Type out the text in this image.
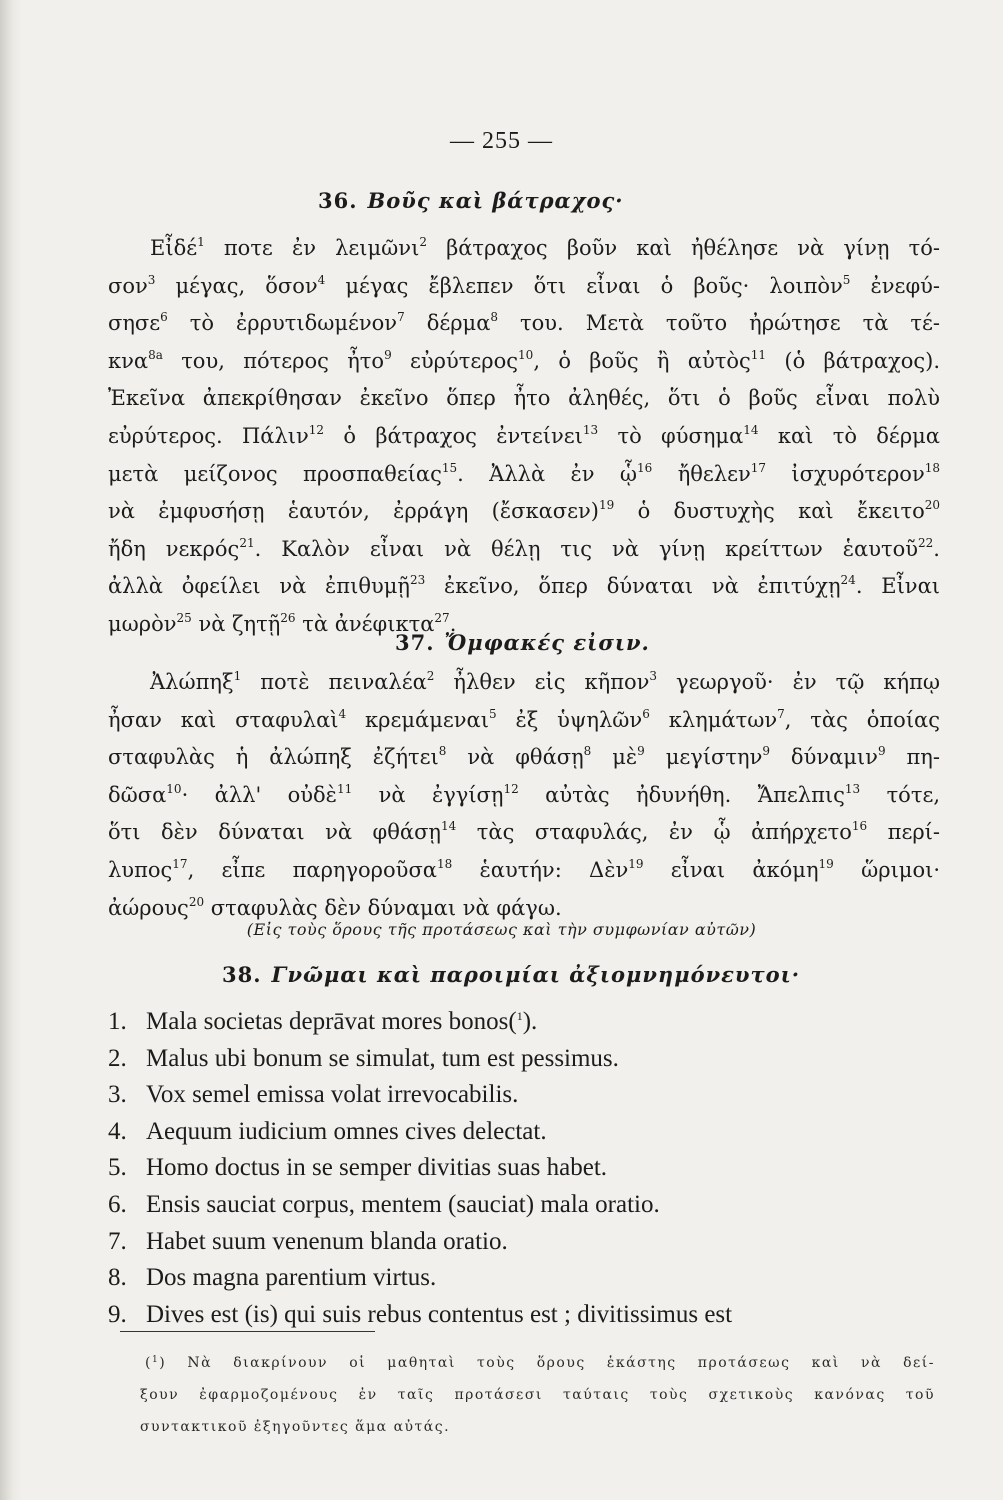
— 255 —
36. Βοῦς καὶ βάτραχος·
Εἶδέ$^1$ ποτε ἐν λειμῶνι$^2$ βάτραχος βοῦν καὶ ἠθέλησε νὰ γίνῃ τό-
σον$^3$ μέγας, ὅσον$^4$ μέγας ἔβλεπεν ὅτι εἶναι ὁ βοῦς· λοιπὸν$^5$ ἐνεφύ-
σησε$^6$ τὸ ἐρρυτιδωμένον$^7$ δέρμα$^8$ του. Μετὰ τοῦτο ἠρώτησε τὰ τέ-
κνα$^{8a}$ του, πότερος ἦτο$^9$ εὐρύτερος$^{10}$, ὁ βοῦς ἢ αὐτὸς$^{11}$ (ὁ βάτραχος).
Ἐκεῖνα ἀπεκρίθησαν ἐκεῖνο ὅπερ ἦτο ἀληθές, ὅτι ὁ βοῦς εἶναι πολὺ
εὐρύτερος. Πάλιν$^{12}$ ὁ βάτραχος ἐντείνει$^{13}$ τὸ φύσημα$^{14}$ καὶ τὸ δέρμα
μετὰ μείζονος προσπαθείας$^{15}$. Ἀλλὰ ἐν ᾧ$^{16}$ ἤθελεν$^{17}$ ἰσχυρότερον$^{18}$
νὰ ἐμφυσήσῃ ἑαυτόν, ἐρράγη (ἔσκασεν)$^{19}$ ὁ δυστυχὴς καὶ ἔκειτο$^{20}$
ἤδη νεκρός$^{21}$. Καλὸν εἶναι νὰ θέλῃ τις νὰ γίνῃ κρείττων ἑαυτοῦ$^{22}$.
ἀλλὰ ὀφείλει νὰ ἐπιθυμῇ$^{23}$ ἐκεῖνο, ὅπερ δύναται νὰ ἐπιτύχῃ$^{24}$. Εἶναι
μωρὸν$^{25}$ νὰ ζητῇ$^{26}$ τὰ ἀνέφικτα$^{27}$.
37. Ὄμφακές εἰσιν.
Ἀλώπηξ$^1$ ποτὲ πειναλέα$^2$ ἦλθεν εἰς κῆπον$^3$ γεωργοῦ· ἐν τῷ κήπῳ
ἦσαν καὶ σταφυλαὶ$^4$ κρεμάμεναι$^5$ ἐξ ὑψηλῶν$^6$ κλημάτων$^7$, τὰς ὁποίας
σταφυλὰς ἡ ἀλώπηξ ἐζήτει$^8$ νὰ φθάσῃ$^8$ μὲ$^9$ μεγίστην$^9$ δύναμιν$^9$ πη-
δῶσα$^{10}$· ἀλλ' οὐδὲ$^{11}$ νὰ ἐγγίσῃ$^{12}$ αὐτὰς ἠδυνήθη. Ἄπελπις$^{13}$ τότε,
ὅτι δὲν δύναται νὰ φθάσῃ$^{14}$ τὰς σταφυλάς, ἐν ᾧ ἀπήρχετο$^{16}$ περί-
λυπος$^{17}$, εἶπε παρηγοροῦσα$^{18}$ ἑαυτήν: Δὲν$^{19}$ εἶναι ἀκόμη$^{19}$ ὥριμοι·
ἀώρους$^{20}$ σταφυλὰς δὲν δύναμαι νὰ φάγω.
(Εἰς τοὺς ὅρους τῆς προτάσεως καὶ τὴν συμφωνίαν αὐτῶν)
38. Γνῶμαι καὶ παροιμίαι ἀξιομνημόνευτοι·
1. Mala societas deprāvat mores bonos($^1$).
2. Malus ubi bonum se simulat, tum est pessimus.
3. Vox semel emissa volat irrevocabilis.
4. Aequum iudicium omnes cives delectat.
5. Homo doctus in se semper divitias suas habet.
6. Ensis sauciat corpus, mentem (sauciat) mala oratio.
7. Habet suum venenum blanda oratio.
8. Dos magna parentium virtus.
9. Dives est (is) qui suis rebus contentus est ; divitissimus est
($^1$) Νὰ διακρίνουν οἱ μαθηταὶ τοὺς ὅρους ἑκάστης προτάσεως καὶ νὰ δεί-
ξουν ἐφαρμοζομένους ἐν ταῖς προτάσεσι ταύταις τοὺς σχετικοὺς κανόνας τοῦ
συντακτικοῦ ἐξηγοῦντες ἅμα αὐτάς.
